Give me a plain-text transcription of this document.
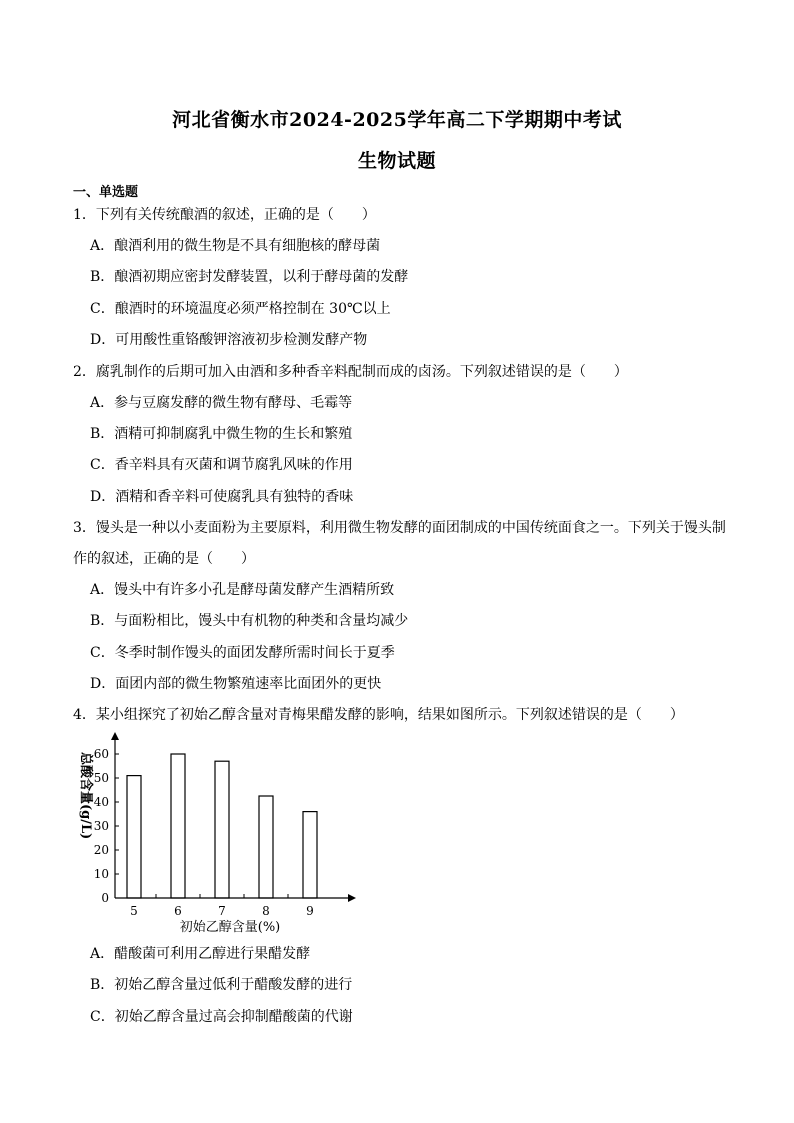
河北省衡水市2024-2025学年高二下学期期中考试
生物试题
一、单选题
1．下列有关传统酿酒的叙述，正确的是（　　）
A．酿酒利用的微生物是不具有细胞核的酵母菌
B．酿酒初期应密封发酵装置，以利于酵母菌的发酵
C．酿酒时的环境温度必须严格控制在 30℃以上
D．可用酸性重铬酸钾溶液初步检测发酵产物
2．腐乳制作的后期可加入由酒和多种香辛料配制而成的卤汤。下列叙述错误的是（　　）
A．参与豆腐发酵的微生物有酵母、毛霉等
B．酒精可抑制腐乳中微生物的生长和繁殖
C．香辛料具有灭菌和调节腐乳风味的作用
D．酒精和香辛料可使腐乳具有独特的香味
3．馒头是一种以小麦面粉为主要原料，利用微生物发酵的面团制成的中国传统面食之一。下列关于馒头制
作的叙述，正确的是（　　）
A．馒头中有许多小孔是酵母菌发酵产生酒精所致
B．与面粉相比，馒头中有机物的种类和含量均减少
C．冬季时制作馒头的面团发酵所需时间长于夏季
D．面团内部的微生物繁殖速率比面团外的更快
4．某小组探究了初始乙醇含量对青梅果醋发酵的影响，结果如图所示。下列叙述错误的是（　　）
0
10
20
30
40
50
60
5	6	7	8	9
总酸含量(g/L)
初始乙醇含量(%)
A．醋酸菌可利用乙醇进行果醋发酵
B．初始乙醇含量过低利于醋酸发酵的进行
C．初始乙醇含量过高会抑制醋酸菌的代谢
